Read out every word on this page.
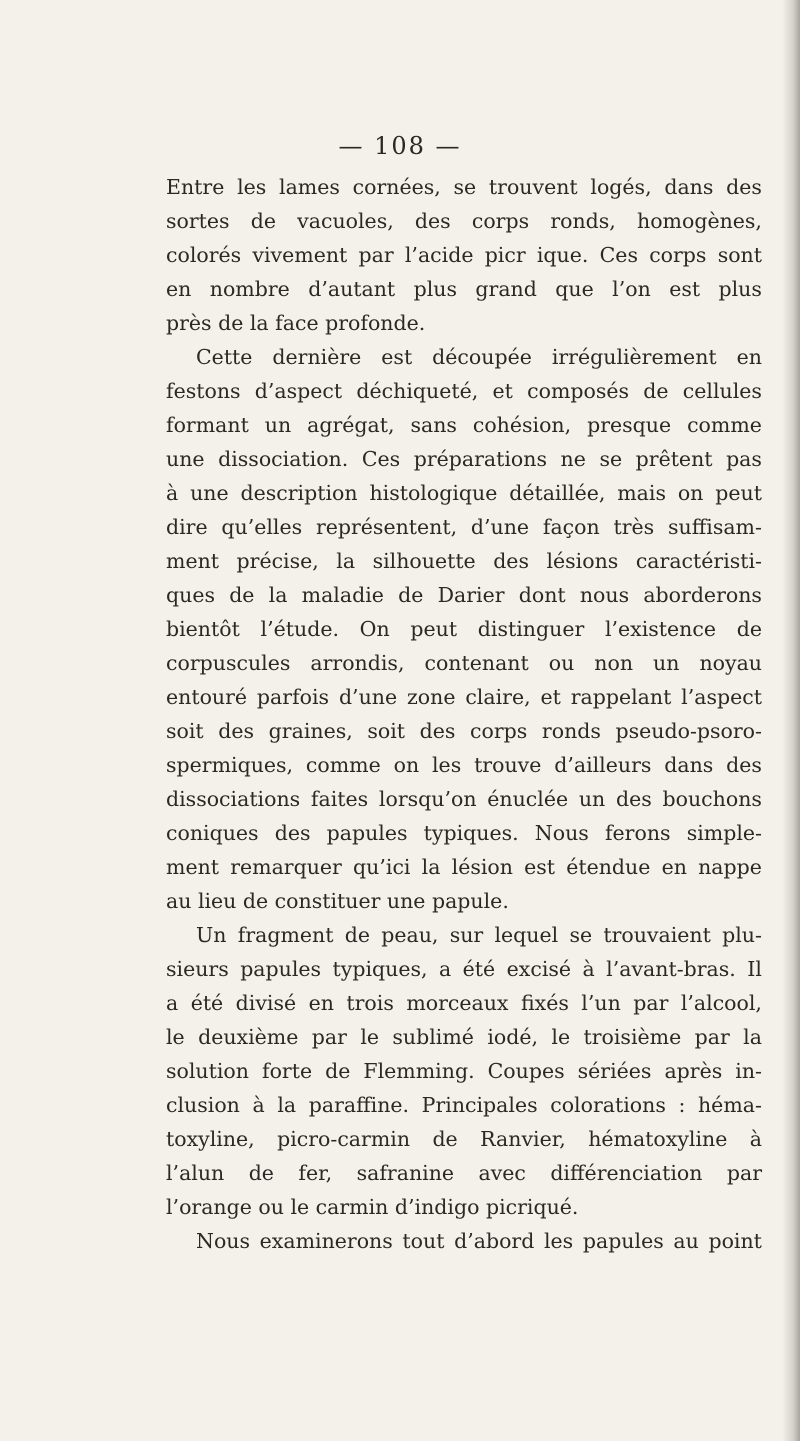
— 108 —
Entre les lames cornées, se trouvent logés, dans des
sortes de vacuoles, des corps ronds, homogènes,
colorés vivement par l’acide picr ique. Ces corps sont
en nombre d’autant plus grand que l’on est plus
près de la face profonde.
Cette dernière est découpée irrégulièrement en
festons d’aspect déchiqueté, et composés de cellules
formant un agrégat, sans cohésion, presque comme
une dissociation. Ces préparations ne se prêtent pas
à une description histologique détaillée, mais on peut
dire qu’elles représentent, d’une façon très suffisam-
ment précise, la silhouette des lésions caractéristi-
ques de la maladie de Darier dont nous aborderons
bientôt l’étude. On peut distinguer l’existence de
corpuscules arrondis, contenant ou non un noyau
entouré parfois d’une zone claire, et rappelant l’aspect
soit des graines, soit des corps ronds pseudo-psoro-
spermiques, comme on les trouve d’ailleurs dans des
dissociations faites lorsqu’on énuclée un des bouchons
coniques des papules typiques. Nous ferons simple-
ment remarquer qu’ici la lésion est étendue en nappe
au lieu de constituer une papule.
Un fragment de peau, sur lequel se trouvaient plu-
sieurs papules typiques, a été excisé à l’avant-bras. Il
a été divisé en trois morceaux fixés l’un par l’alcool,
le deuxième par le sublimé iodé, le troisième par la
solution forte de Flemming. Coupes sériées après in-
clusion à la paraffine. Principales colorations : héma-
toxyline, picro-carmin de Ranvier, hématoxyline à
l’alun de fer, safranine avec différenciation par
l’orange ou le carmin d’indigo picriqué.
Nous examinerons tout d’abord les papules au point
